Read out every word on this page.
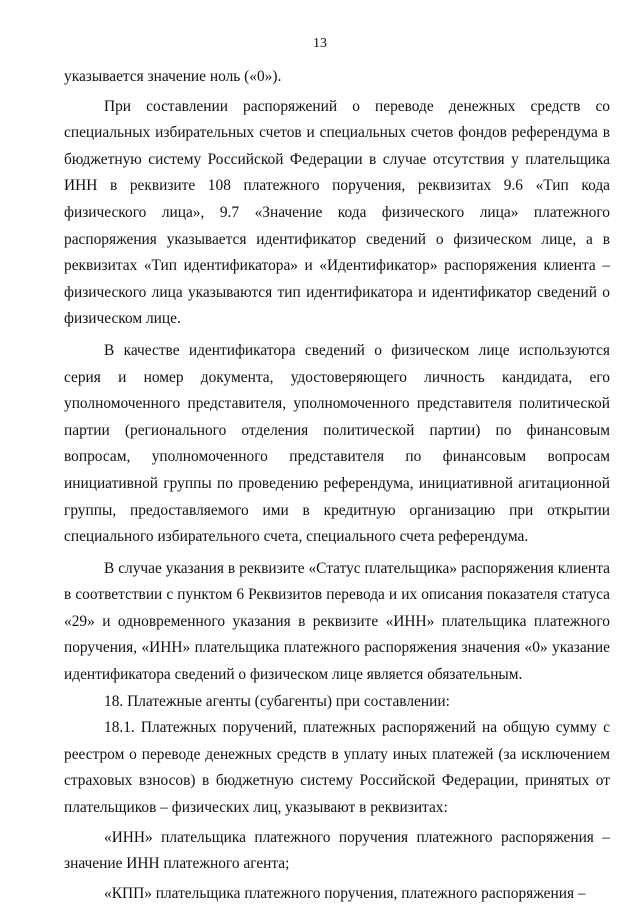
13

указывается значение ноль («0»).

При составлении распоряжений о переводе денежных средств со специальных избирательных счетов и специальных счетов фондов референдума в бюджетную систему Российской Федерации в случае отсутствия у плательщика ИНН в реквизите 108 платежного поручения, реквизитах 9.6 «Тип кода физического лица», 9.7 «Значение кода физического лица» платежного распоряжения указывается идентификатор сведений о физическом лице, а в реквизитах «Тип идентификатора» и «Идентификатор» распоряжения клиента – физического лица указываются тип идентификатора и идентификатор сведений о физическом лице.

В качестве идентификатора сведений о физическом лице используются серия и номер документа, удостоверяющего личность кандидата, его уполномоченного представителя, уполномоченного представителя политической партии (регионального отделения политической партии) по финансовым вопросам, уполномоченного представителя по финансовым вопросам инициативной группы по проведению референдума, инициативной агитационной группы, предоставляемого ими в кредитную организацию при открытии специального избирательного счета, специального счета референдума.

В случае указания в реквизите «Статус плательщика» распоряжения клиента в соответствии с пунктом 6 Реквизитов перевода и их описания показателя статуса «29» и одновременного указания в реквизите «ИНН» плательщика платежного поручения, «ИНН» плательщика платежного распоряжения значения «0» указание идентификатора сведений о физическом лице является обязательным.

18. Платежные агенты (субагенты) при составлении:

18.1. Платежных поручений, платежных распоряжений на общую сумму с реестром о переводе денежных средств в уплату иных платежей (за исключением страховых взносов) в бюджетную систему Российской Федерации, принятых от плательщиков – физических лиц, указывают в реквизитах:

«ИНН» плательщика платежного поручения платежного распоряжения – значение ИНН платежного агента;

«КПП» плательщика платежного поручения, платежного распоряжения –
